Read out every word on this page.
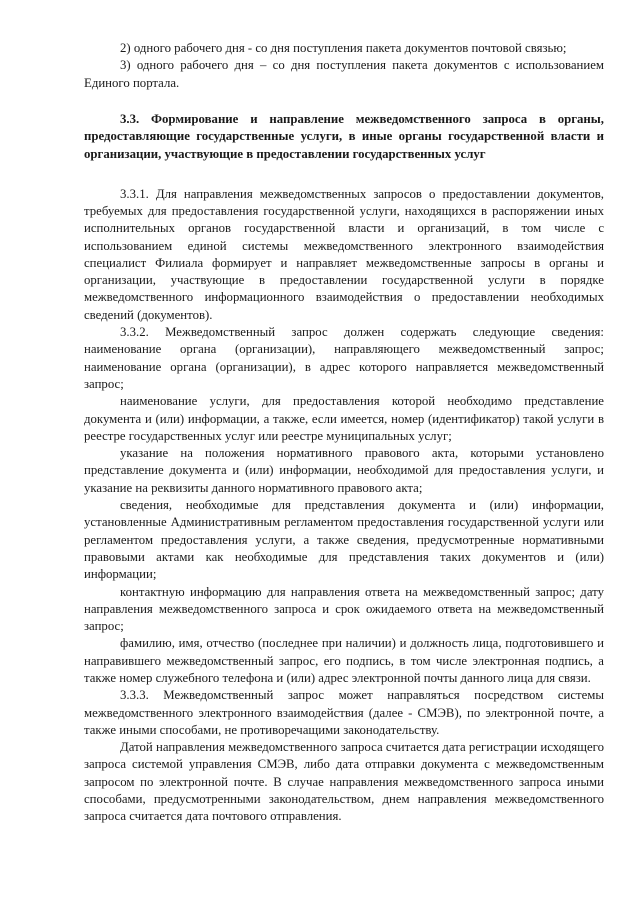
2) одного рабочего дня - со дня поступления пакета документов почтовой связью;

3) одного рабочего дня – со дня поступления пакета документов с использованием Единого портала.

3.3. Формирование и направление межведомственного запроса в органы, предоставляющие государственные услуги, в иные органы государственной власти и организации, участвующие в предоставлении государственных услуг

3.3.1. Для направления межведомственных запросов о предоставлении документов, требуемых для предоставления государственной услуги, находящихся в распоряжении иных исполнительных органов государственной власти и организаций, в том числе с использованием единой системы межведомственного электронного взаимодействия специалист Филиала формирует и направляет межведомственные запросы в органы и организации, участвующие в предоставлении государственной услуги в порядке межведомственного информационного взаимодействия о предоставлении необходимых сведений (документов).

3.3.2. Межведомственный запрос должен содержать следующие сведения: наименование органа (организации), направляющего межведомственный запрос; наименование органа (организации), в адрес которого направляется межведомственный запрос;

наименование услуги, для предоставления которой необходимо представление документа и (или) информации, а также, если имеется, номер (идентификатор) такой услуги в реестре государственных услуг или реестре муниципальных услуг;

указание на положения нормативного правового акта, которыми установлено представление документа и (или) информации, необходимой для предоставления услуги, и указание на реквизиты данного нормативного правового акта;

сведения, необходимые для представления документа и (или) информации, установленные Административным регламентом предоставления государственной услуги или регламентом предоставления услуги, а также сведения, предусмотренные нормативными правовыми актами как необходимые для представления таких документов и (или) информации;

контактную информацию для направления ответа на межведомственный запрос; дату направления межведомственного запроса и срок ожидаемого ответа на межведомственный запрос;

фамилию, имя, отчество (последнее при наличии) и должность лица, подготовившего и направившего межведомственный запрос, его подпись, в том числе электронная подпись, а также номер служебного телефона и (или) адрес электронной почты данного лица для связи.

3.3.3. Межведомственный запрос может направляться посредством системы межведомственного электронного взаимодействия (далее - СМЭВ), по электронной почте, а также иными способами, не противоречащими законодательству.

Датой направления межведомственного запроса считается дата регистрации исходящего запроса системой управления СМЭВ, либо дата отправки документа с межведомственным запросом по электронной почте. В случае направления межведомственного запроса иными способами, предусмотренными законодательством, днем направления межведомственного запроса считается дата почтового отправления.
